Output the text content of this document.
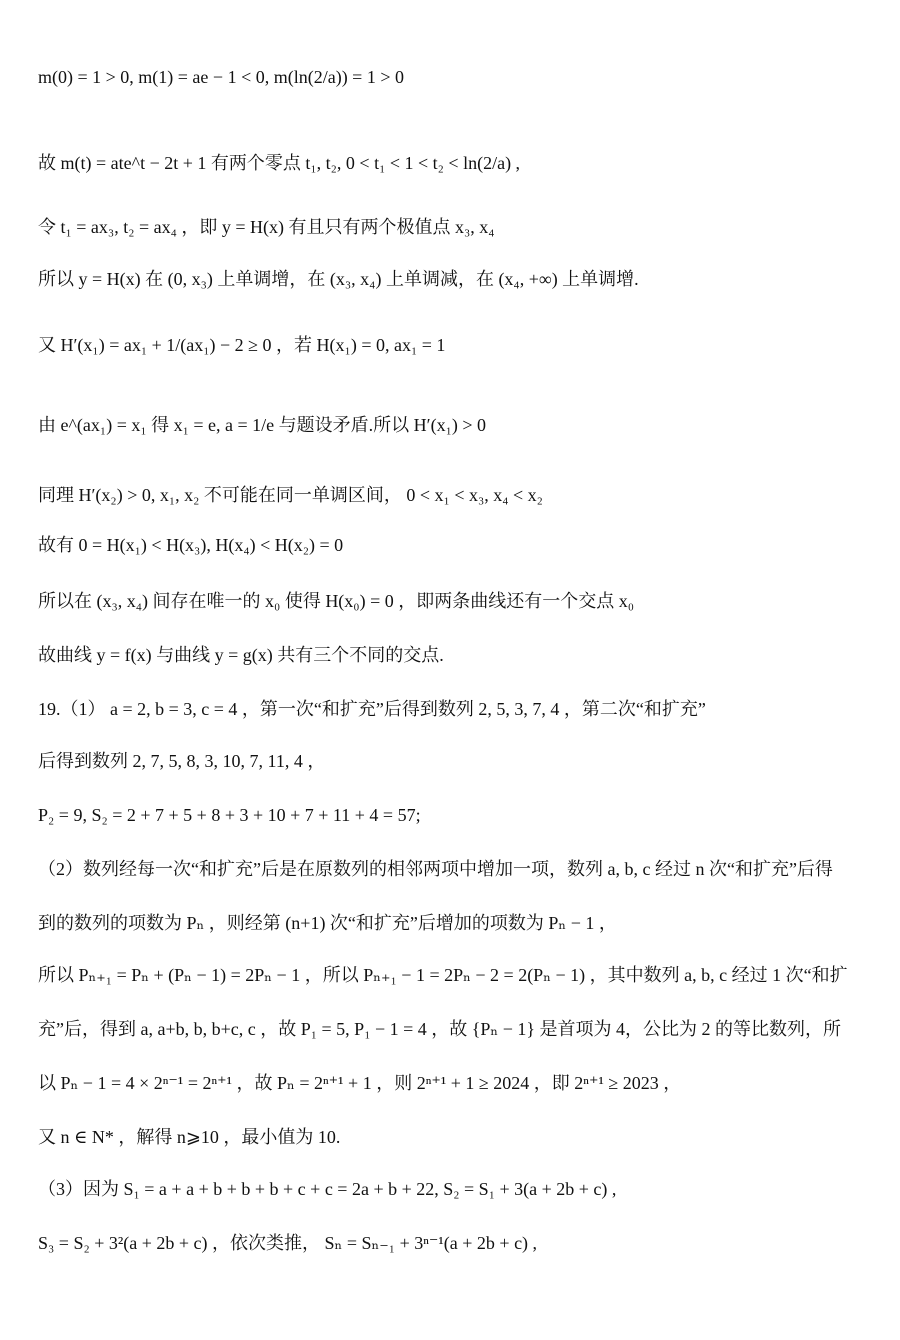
m(0) = 1 > 0, m(1) = ae − 1 < 0, m(ln(2/a)) = 1 > 0
故 m(t) = ate^t − 2t + 1 有两个零点 t₁, t₂, 0 < t₁ < 1 < t₂ < ln(2/a) ,
令 t₁ = ax₃, t₂ = ax₄ ，即 y = H(x) 有且只有两个极值点 x₃, x₄
所以 y = H(x) 在 (0, x₃) 上单调增，在 (x₃, x₄) 上单调减，在 (x₄, +∞) 上单调增.
又 H′(x₁) = ax₁ + 1/(ax₁) − 2 ≥ 0 ，若 H(x₁) = 0, ax₁ = 1
由 e^(ax₁) = x₁ 得 x₁ = e, a = 1/e 与题设矛盾.所以 H′(x₁) > 0
同理 H′(x₂) > 0, x₁, x₂ 不可能在同一单调区间， 0 < x₁ < x₃, x₄ < x₂
故有 0 = H(x₁) < H(x₃), H(x₄) < H(x₂) = 0
所以在 (x₃, x₄) 间存在唯一的 x₀ 使得 H(x₀) = 0 ，即两条曲线还有一个交点 x₀
故曲线 y = f(x) 与曲线 y = g(x) 共有三个不同的交点.
19.（1） a = 2, b = 3, c = 4 ，第一次“和扩充”后得到数列 2, 5, 3, 7, 4 ，第二次“和扩充”
后得到数列 2, 7, 5, 8, 3, 10, 7, 11, 4 ，
P₂ = 9, S₂ = 2 + 7 + 5 + 8 + 3 + 10 + 7 + 11 + 4 = 57;
（2）数列经每一次“和扩充”后是在原数列的相邻两项中增加一项，数列 a, b, c 经过 n 次“和扩充”后得
到的数列的项数为 Pₙ ，则经第 (n+1) 次“和扩充”后增加的项数为 Pₙ − 1 ，
所以 Pₙ₊₁ = Pₙ + (Pₙ − 1) = 2Pₙ − 1 ，所以 Pₙ₊₁ − 1 = 2Pₙ − 2 = 2(Pₙ − 1) ，其中数列 a, b, c 经过 1 次“和扩
充”后，得到 a, a+b, b, b+c, c ，故 P₁ = 5, P₁ − 1 = 4 ，故 {Pₙ − 1} 是首项为 4，公比为 2 的等比数列，所
以 Pₙ − 1 = 4 × 2ⁿ⁻¹ = 2ⁿ⁺¹ ，故 Pₙ = 2ⁿ⁺¹ + 1 ，则 2ⁿ⁺¹ + 1 ≥ 2024 ，即 2ⁿ⁺¹ ≥ 2023 ，
又 n ∈ N* ，解得 n⩾10 ，最小值为 10.
（3）因为 S₁ = a + a + b + b + b + c + c = 2a + b + 22, S₂ = S₁ + 3(a + 2b + c) ,
S₃ = S₂ + 3²(a + 2b + c) ，依次类推， Sₙ = Sₙ₋₁ + 3ⁿ⁻¹(a + 2b + c) ,
